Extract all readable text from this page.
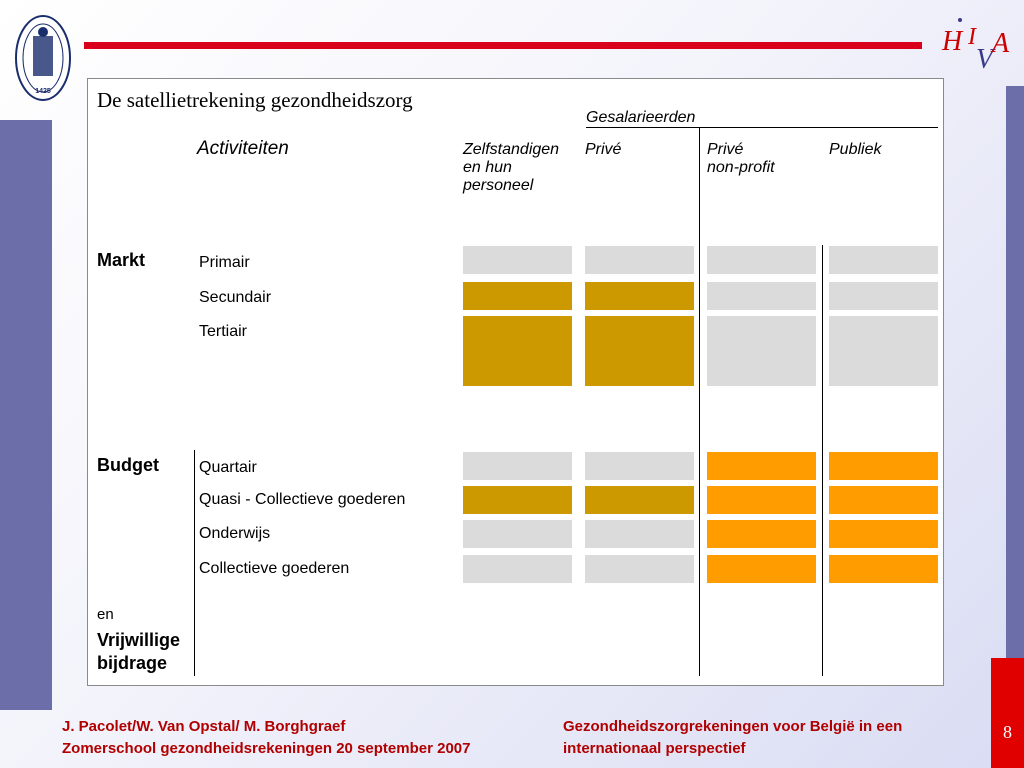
1425
H I
V
A
De satellietrekening gezondheidszorg
Activiteiten
Gesalarieerden
Zelfstandigen
en hun
personeel
Privé	Privé
non-profit
Publiek
Markt
Budget
en
Vrijwillige
bijdrage
Primair
Secundair
Tertiair
Quartair
Quasi - Collectieve goederen
Onderwijs
Collectieve goederen
J. Pacolet/W. Van Opstal/ M. Borghgraef
Zomerschool gezondheidsrekeningen 20 september 2007
Gezondheidszorgrekeningen voor België in een
internationaal perspectief
8
